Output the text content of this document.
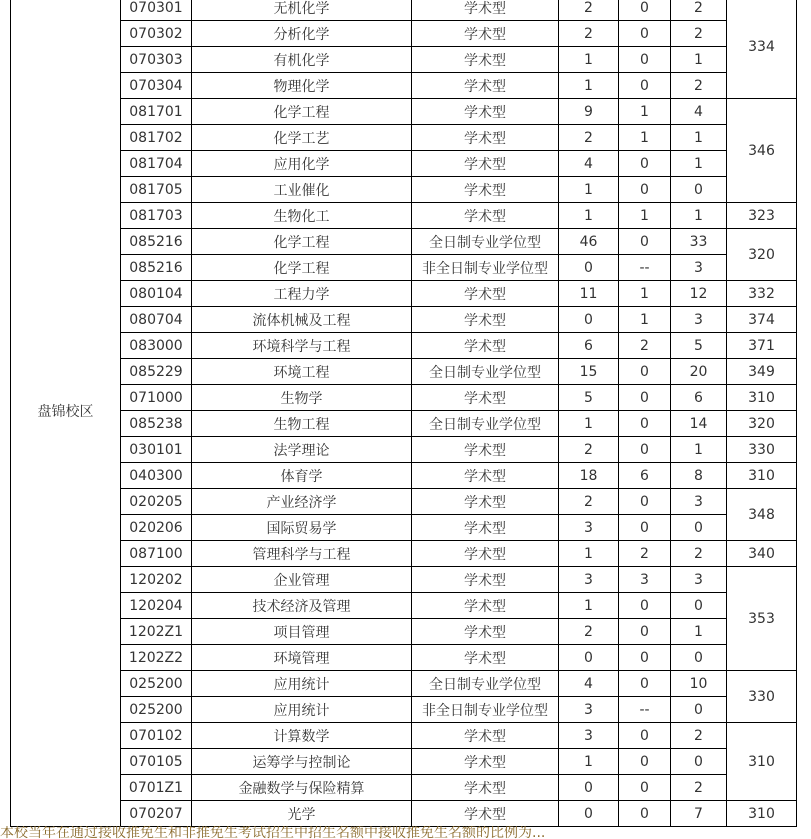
盘锦校区	070301	无机化学	学术型	2	0	2	334
	070302	分析化学	学术型	2	0	2	
	070303	有机化学	学术型	1	0	1	
	070304	物理化学	学术型	1	0	2	
	081701	化学工程	学术型	9	1	4	346
	081702	化学工艺	学术型	2	1	1	
	081704	应用化学	学术型	4	0	1	
	081705	工业催化	学术型	1	0	0	
	081703	生物化工	学术型	1	1	1	323
	085216	化学工程	全日制专业学位型	46	0	33	320
	085216	化学工程	非全日制专业学位型	0	--	3	
	080104	工程力学	学术型	11	1	12	332
	080704	流体机械及工程	学术型	0	1	3	374
	083000	环境科学与工程	学术型	6	2	5	371
	085229	环境工程	全日制专业学位型	15	0	20	349
	071000	生物学	学术型	5	0	6	310
	085238	生物工程	全日制专业学位型	1	0	14	320
	030101	法学理论	学术型	2	0	1	330
	040300	体育学	学术型	18	6	8	310
	020205	产业经济学	学术型	2	0	3	348
	020206	国际贸易学	学术型	3	0	0	
	087100	管理科学与工程	学术型	1	2	2	340
	120202	企业管理	学术型	3	3	3	353
	120204	技术经济及管理	学术型	1	0	0	
	1202Z1	项目管理	学术型	2	0	1	
	1202Z2	环境管理	学术型	0	0	0	
	025200	应用统计	全日制专业学位型	4	0	10	330
	025200	应用统计	非全日制专业学位型	3	--	0	
	070102	计算数学	学术型	3	0	2	310
	070105	运筹学与控制论	学术型	1	0	0	
	0701Z1	金融数学与保险精算	学术型	0	0	2	
	070207	光学	学术型	0	0	7	310
本校当年在通过接收推免生和非推免生考试招生中招生名额中接收推免生名额的比例为...
